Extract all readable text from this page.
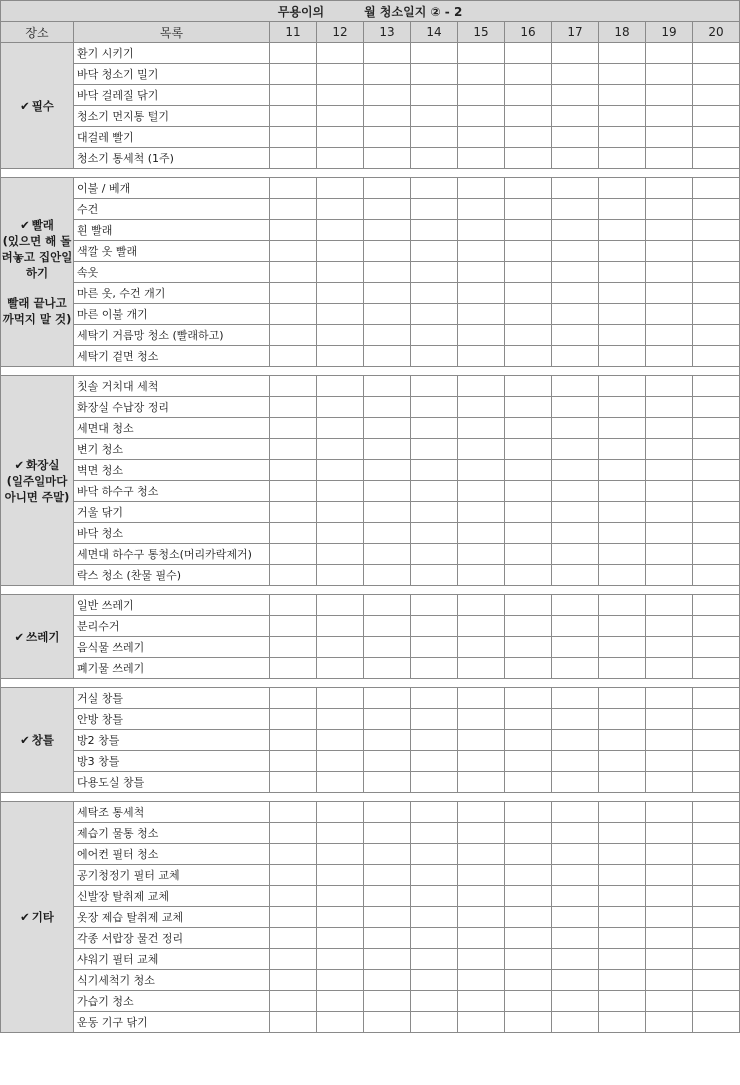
무용이의 월 청소일지 ② - 2											
장소	목록	11	12	13	14	15	16	17	18	19	20
✔ 필수	환기 시키기										
	바닥 청소기 밀기										
	바닥 걸레질 닦기										
	청소기 먼지통 털기										
	대걸레 빨기										
	청소기 통세척 (1주)										

✔ 빨래
(있으면 해 돌려놓고 집안일 하기
빨래 끝나고 까먹지 말 것)	이불 / 베개										
	수건										
	흰 빨래										
	색깔 옷 빨래										
	속옷										
	마른 옷, 수건 개기										
	마른 이불 개기										
	세탁기 거름망 청소 (빨래하고)										
	세탁기 겉면 청소										

✔ 화장실
(일주일마다 아니면 주말)	칫솔 거치대 세척										
	화장실 수납장 정리										
	세면대 청소										
	변기 청소										
	벽면 청소										
	바닥 하수구 청소										
	거울 닦기										
	바닥 청소										
	세면대 하수구 통청소(머리카락제거)										
	락스 청소 (찬물 필수)										

✔ 쓰레기	일반 쓰레기										
	분리수거										
	음식물 쓰레기										
	폐기물 쓰레기										

✔ 창틀	거실 창틀										
	안방 창틀										
	방2 창틀										
	방3 창틀										
	다용도실 창틀										

✔ 기타	세탁조 통세척										
	제습기 물통 청소										
	에어컨 필터 청소										
	공기청정기 필터 교체										
	신발장 탈취제 교체										
	옷장 제습 탈취제 교체										
	각종 서랍장 물건 정리										
	샤워기 필터 교체										
	식기세척기 청소										
	가습기 청소										
	운동 기구 닦기										
